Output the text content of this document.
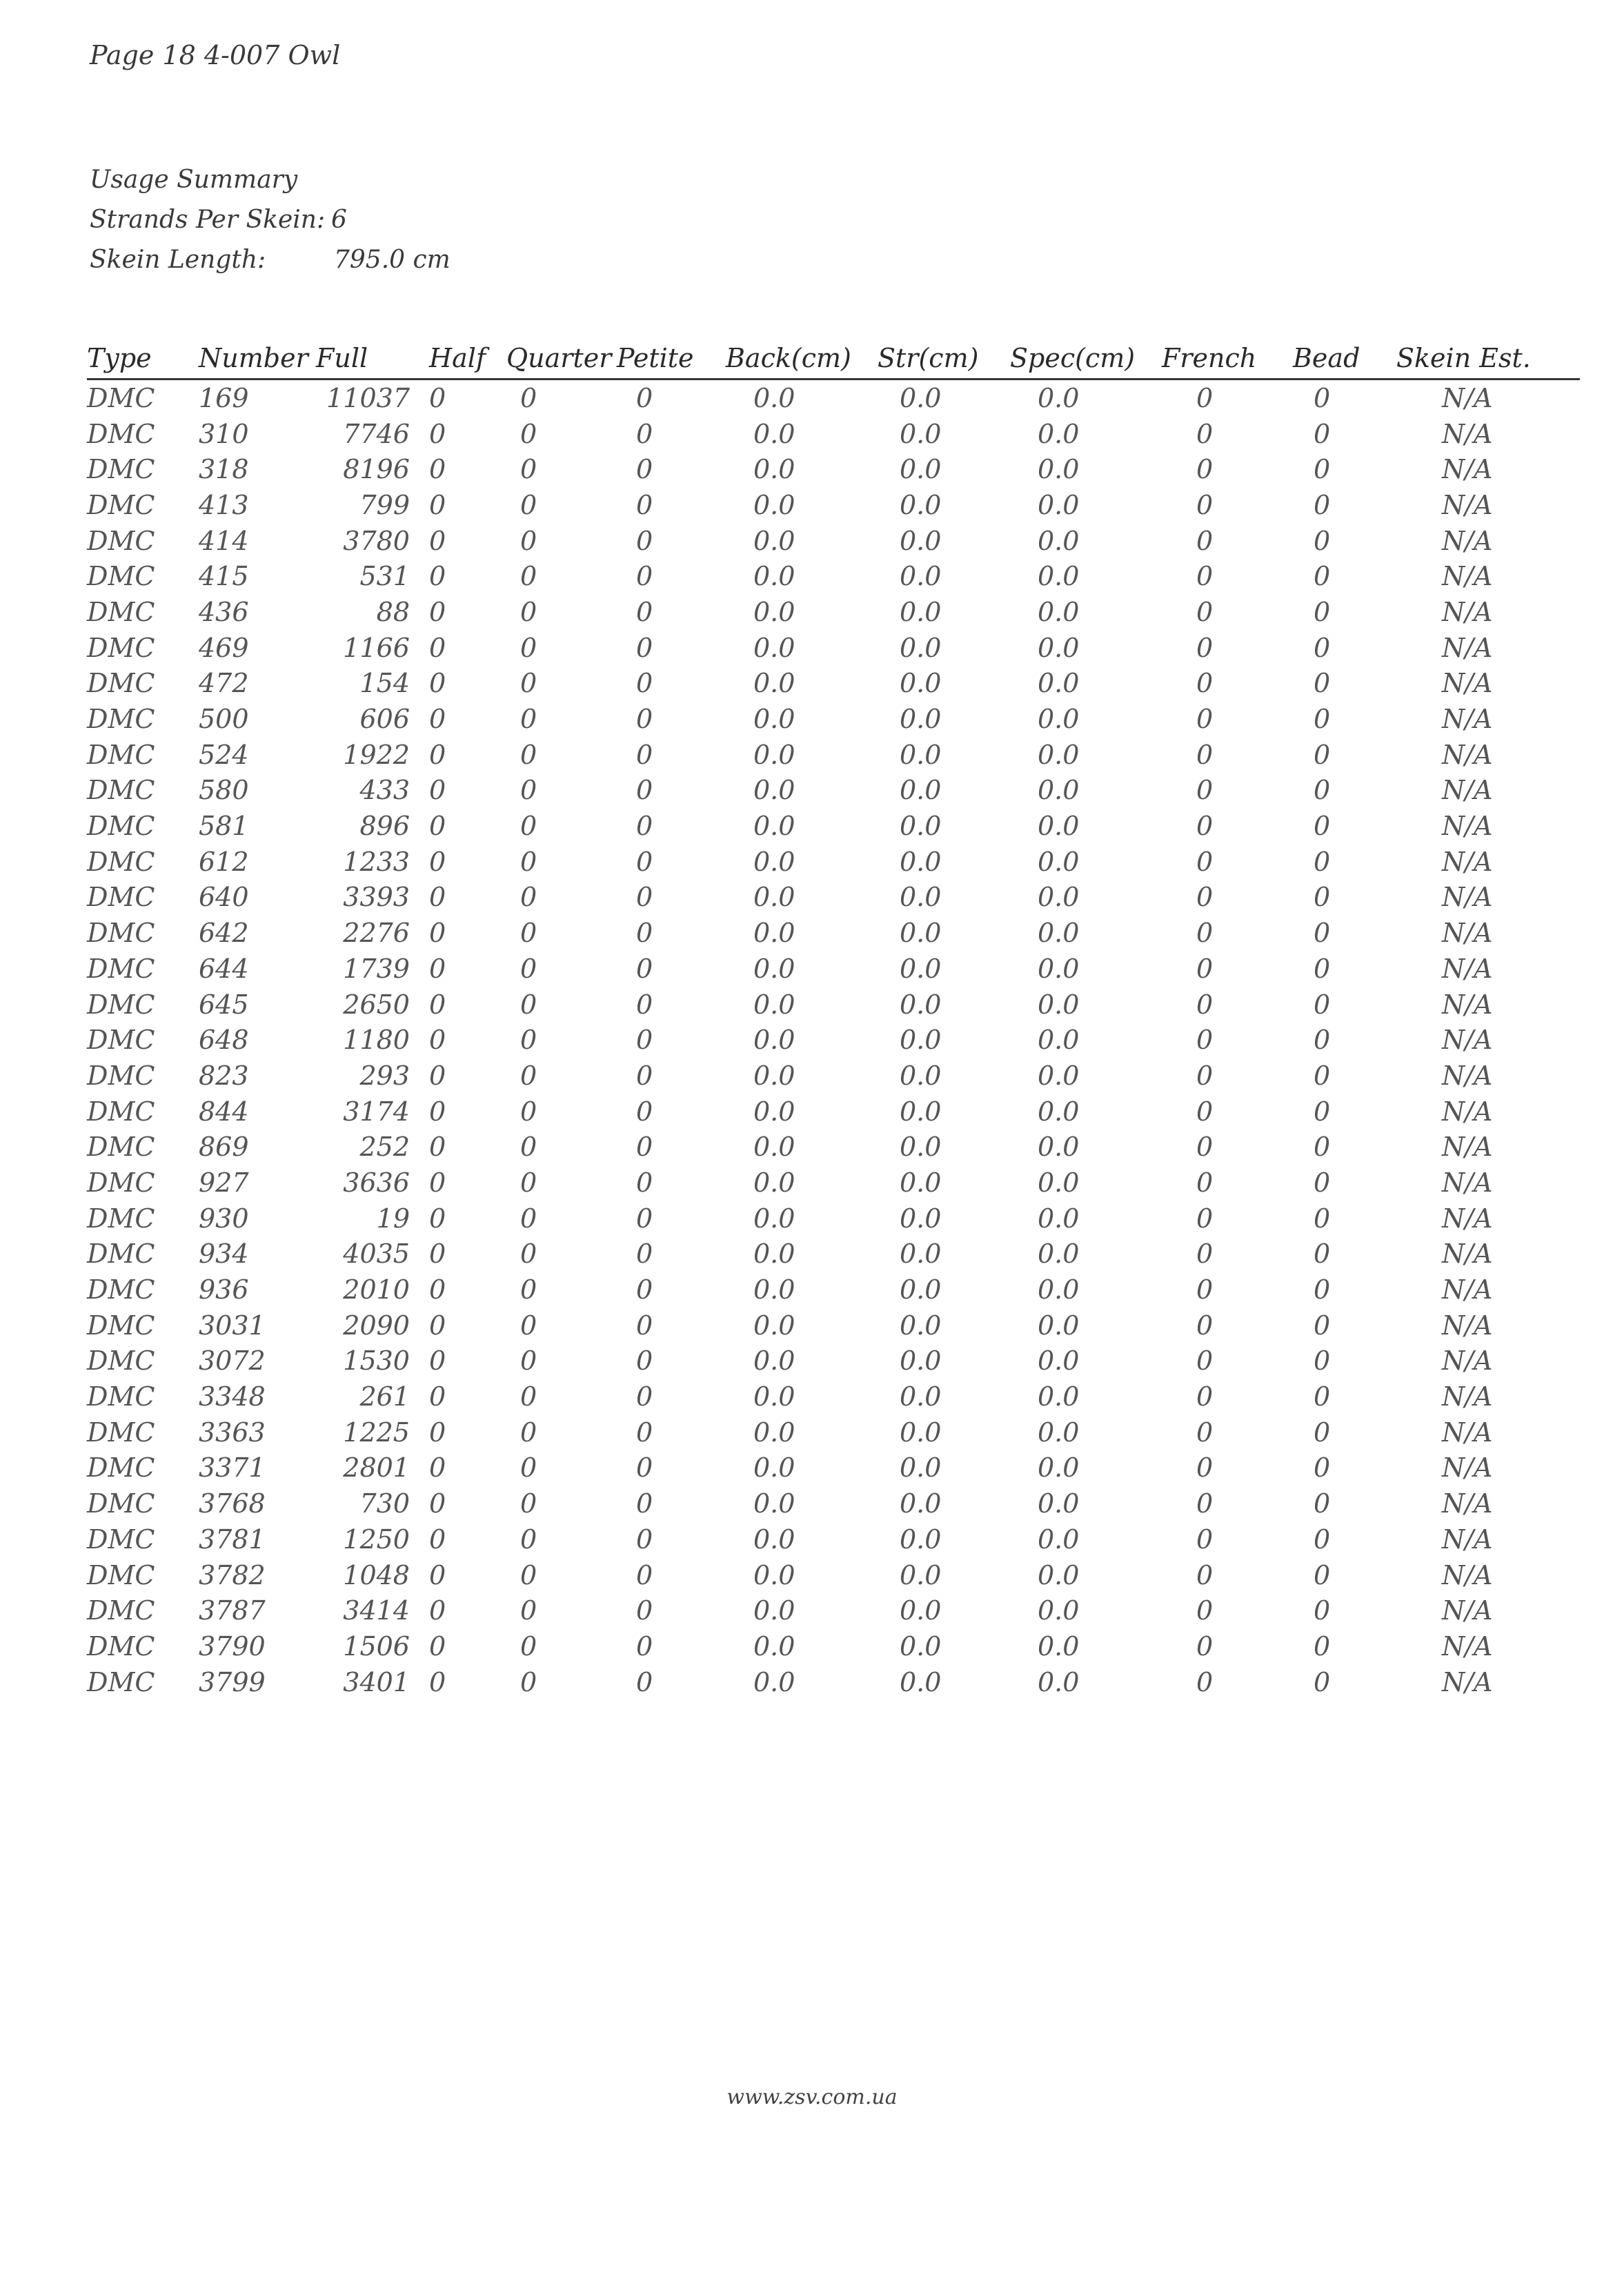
Page 18 4-007 Owl
Usage Summary
Strands Per Skein: 6
Skein Length:	795.0 cm
Type	Number	Full	Half	Quarter	Petite	Back(cm)	Str(cm)	Spec(cm)	French	Bead	Skein Est.
DMC	169	11037	0	0	0	0.0	0.0	0.0	0	0	N/A
DMC	310	7746	0	0	0	0.0	0.0	0.0	0	0	N/A
DMC	318	8196	0	0	0	0.0	0.0	0.0	0	0	N/A
DMC	413	799	0	0	0	0.0	0.0	0.0	0	0	N/A
DMC	414	3780	0	0	0	0.0	0.0	0.0	0	0	N/A
DMC	415	531	0	0	0	0.0	0.0	0.0	0	0	N/A
DMC	436	88	0	0	0	0.0	0.0	0.0	0	0	N/A
DMC	469	1166	0	0	0	0.0	0.0	0.0	0	0	N/A
DMC	472	154	0	0	0	0.0	0.0	0.0	0	0	N/A
DMC	500	606	0	0	0	0.0	0.0	0.0	0	0	N/A
DMC	524	1922	0	0	0	0.0	0.0	0.0	0	0	N/A
DMC	580	433	0	0	0	0.0	0.0	0.0	0	0	N/A
DMC	581	896	0	0	0	0.0	0.0	0.0	0	0	N/A
DMC	612	1233	0	0	0	0.0	0.0	0.0	0	0	N/A
DMC	640	3393	0	0	0	0.0	0.0	0.0	0	0	N/A
DMC	642	2276	0	0	0	0.0	0.0	0.0	0	0	N/A
DMC	644	1739	0	0	0	0.0	0.0	0.0	0	0	N/A
DMC	645	2650	0	0	0	0.0	0.0	0.0	0	0	N/A
DMC	648	1180	0	0	0	0.0	0.0	0.0	0	0	N/A
DMC	823	293	0	0	0	0.0	0.0	0.0	0	0	N/A
DMC	844	3174	0	0	0	0.0	0.0	0.0	0	0	N/A
DMC	869	252	0	0	0	0.0	0.0	0.0	0	0	N/A
DMC	927	3636	0	0	0	0.0	0.0	0.0	0	0	N/A
DMC	930	19	0	0	0	0.0	0.0	0.0	0	0	N/A
DMC	934	4035	0	0	0	0.0	0.0	0.0	0	0	N/A
DMC	936	2010	0	0	0	0.0	0.0	0.0	0	0	N/A
DMC	3031	2090	0	0	0	0.0	0.0	0.0	0	0	N/A
DMC	3072	1530	0	0	0	0.0	0.0	0.0	0	0	N/A
DMC	3348	261	0	0	0	0.0	0.0	0.0	0	0	N/A
DMC	3363	1225	0	0	0	0.0	0.0	0.0	0	0	N/A
DMC	3371	2801	0	0	0	0.0	0.0	0.0	0	0	N/A
DMC	3768	730	0	0	0	0.0	0.0	0.0	0	0	N/A
DMC	3781	1250	0	0	0	0.0	0.0	0.0	0	0	N/A
DMC	3782	1048	0	0	0	0.0	0.0	0.0	0	0	N/A
DMC	3787	3414	0	0	0	0.0	0.0	0.0	0	0	N/A
DMC	3790	1506	0	0	0	0.0	0.0	0.0	0	0	N/A
DMC	3799	3401	0	0	0	0.0	0.0	0.0	0	0	N/A
www.zsv.com.ua
